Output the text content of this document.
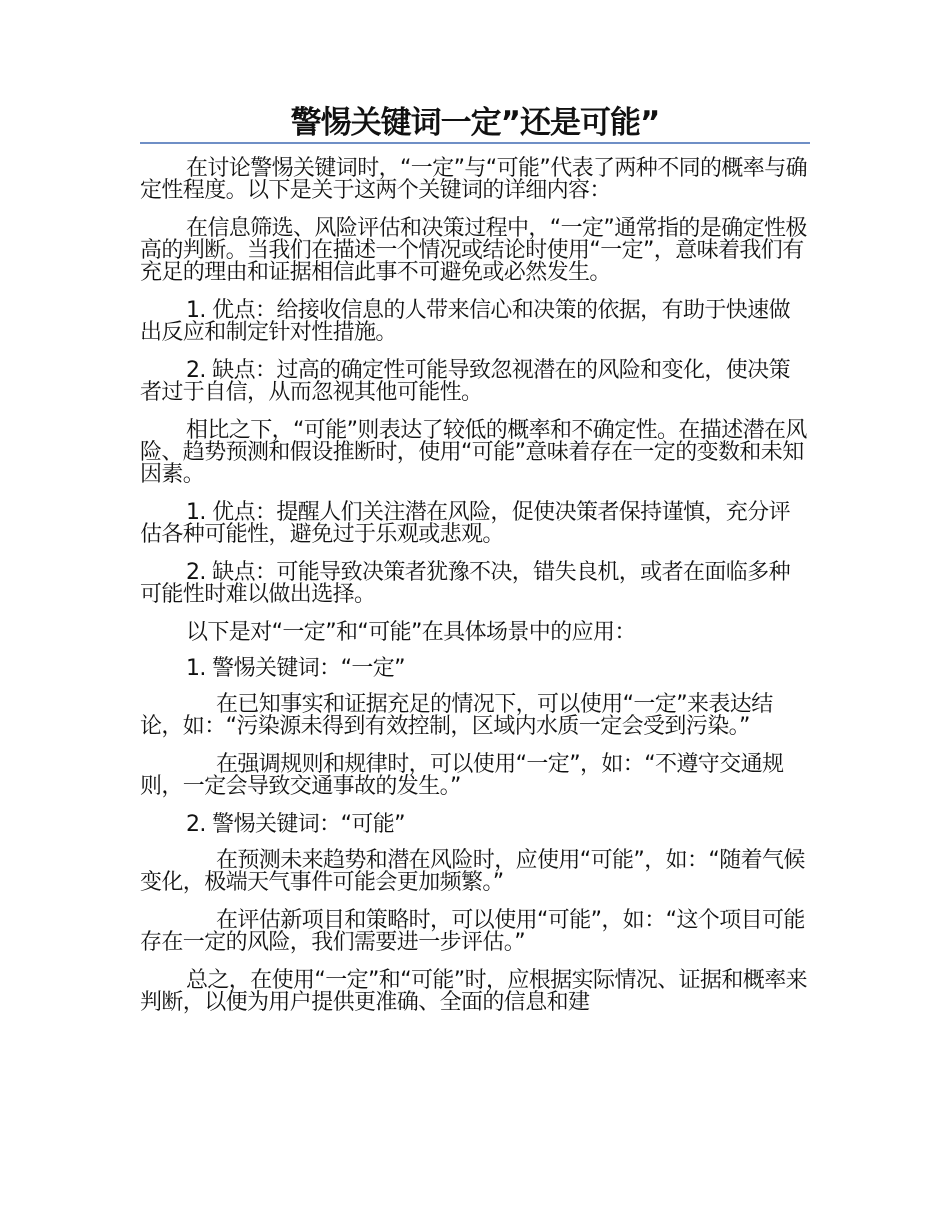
警惕关键词一定”还是可能”

在讨论警惕关键词时，“一定”与“可能”代表了两种不同的概率与确定性程度。以下是关于这两个关键词的详细内容：

在信息筛选、风险评估和决策过程中，“一定”通常指的是确定性极高的判断。当我们在描述一个情况或结论时使用“一定”，意味着我们有充足的理由和证据相信此事不可避免或必然发生。

1. 优点：给接收信息的人带来信心和决策的依据，有助于快速做出反应和制定针对性措施。

2. 缺点：过高的确定性可能导致忽视潜在的风险和变化，使决策者过于自信，从而忽视其他可能性。

相比之下，“可能”则表达了较低的概率和不确定性。在描述潜在风险、趋势预测和假设推断时，使用“可能”意味着存在一定的变数和未知因素。

1. 优点：提醒人们关注潜在风险，促使决策者保持谨慎，充分评估各种可能性，避免过于乐观或悲观。

2. 缺点：可能导致决策者犹豫不决，错失良机，或者在面临多种可能性时难以做出选择。

以下是对“一定”和“可能”在具体场景中的应用：

1. 警惕关键词：“一定”

在已知事实和证据充足的情况下，可以使用“一定”来表达结论，如：“污染源未得到有效控制，区域内水质一定会受到污染。”

在强调规则和规律时，可以使用“一定”，如：“不遵守交通规则，一定会导致交通事故的发生。”

2. 警惕关键词：“可能”

在预测未来趋势和潜在风险时，应使用“可能”，如：“随着气候变化，极端天气事件可能会更加频繁。”

在评估新项目和策略时，可以使用“可能”，如：“这个项目可能存在一定的风险，我们需要进一步评估。”

总之，在使用“一定”和“可能”时，应根据实际情况、证据和概率来判断，以便为用户提供更准确、全面的信息和建
